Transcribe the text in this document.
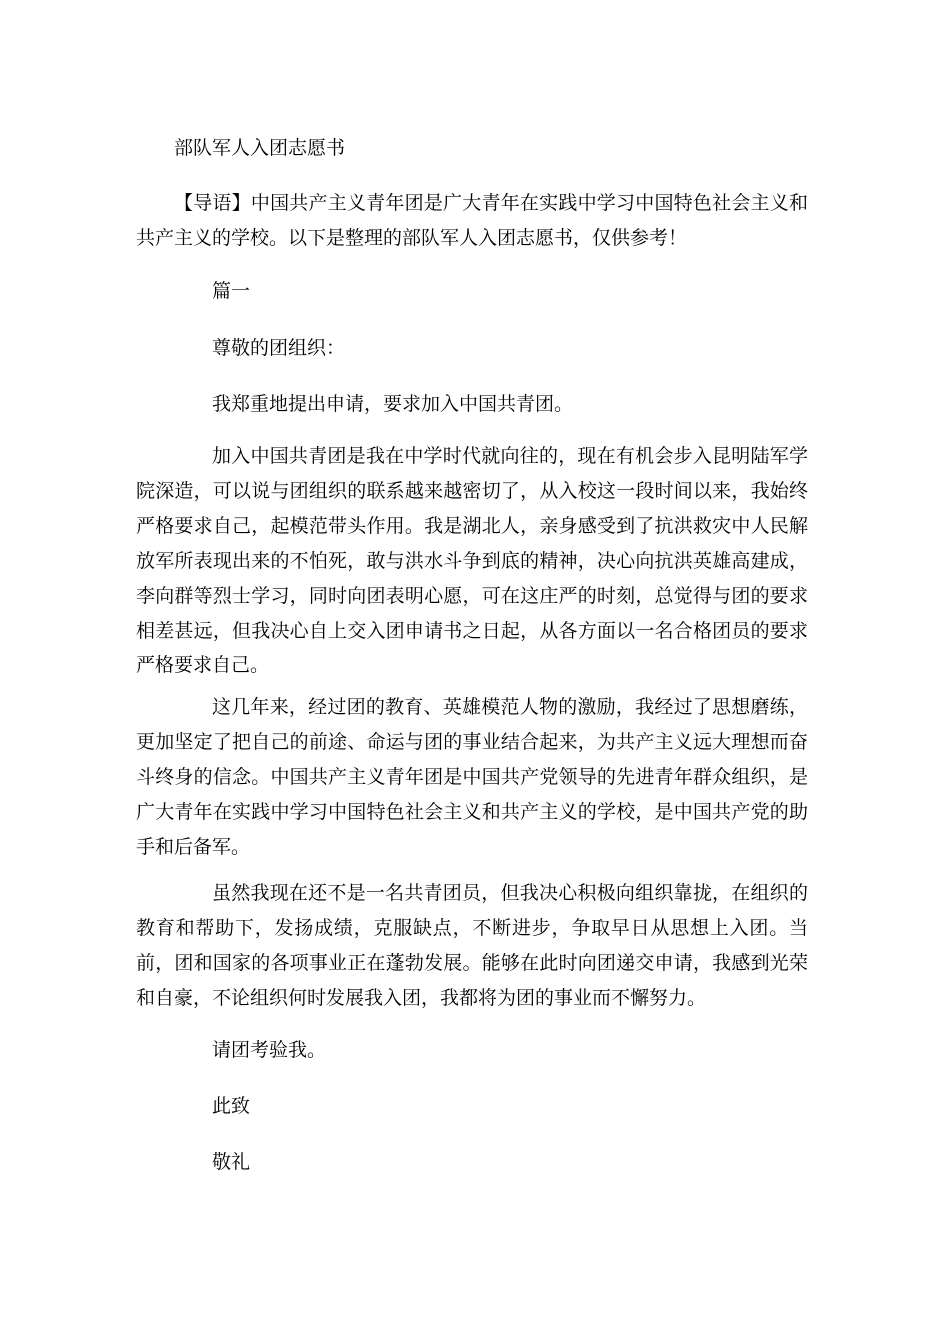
部队军人入团志愿书

【导语】中国共产主义青年团是广大青年在实践中学习中国特色社会主义和共产主义的学校。以下是整理的部队军人入团志愿书，仅供参考！

篇一
尊敬的团组织：
我郑重地提出申请，要求加入中国共青团。

加入中国共青团是我在中学时代就向往的，现在有机会步入昆明陆军学院深造，可以说与团组织的联系越来越密切了，从入校这一段时间以来，我始终严格要求自己，起模范带头作用。我是湖北人，亲身感受到了抗洪救灾中人民解放军所表现出来的不怕死，敢与洪水斗争到底的精神，决心向抗洪英雄高建成，李向群等烈士学习，同时向团表明心愿，可在这庄严的时刻，总觉得与团的要求相差甚远，但我决心自上交入团申请书之日起，从各方面以一名合格团员的要求严格要求自己。

这几年来，经过团的教育、英雄模范人物的激励，我经过了思想磨练，更加坚定了把自己的前途、命运与团的事业结合起来，为共产主义远大理想而奋斗终身的信念。中国共产主义青年团是中国共产党领导的先进青年群众组织，是广大青年在实践中学习中国特色社会主义和共产主义的学校，是中国共产党的助手和后备军。

虽然我现在还不是一名共青团员，但我决心积极向组织靠拢，在组织的教育和帮助下，发扬成绩，克服缺点，不断进步，争取早日从思想上入团。当前，团和国家的各项事业正在蓬勃发展。能够在此时向团递交申请，我感到光荣和自豪，不论组织何时发展我入团，我都将为团的事业而不懈努力。

请团考验我。
此致
敬礼
